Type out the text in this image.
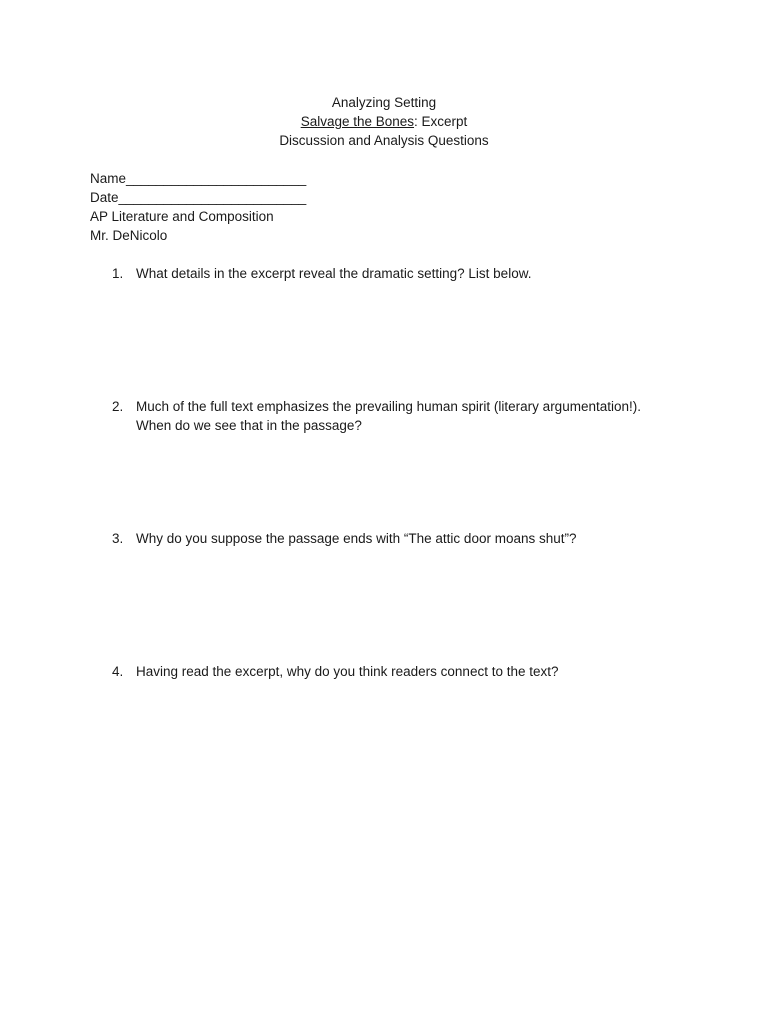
Analyzing Setting
Salvage the Bones: Excerpt
Discussion and Analysis Questions
Name________________________
Date_________________________
AP Literature and Composition
Mr. DeNicolo
1. What details in the excerpt reveal the dramatic setting? List below.
2. Much of the full text emphasizes the prevailing human spirit (literary argumentation!).
When do we see that in the passage?
3. Why do you suppose the passage ends with “The attic door moans shut”?
4. Having read the excerpt, why do you think readers connect to the text?
